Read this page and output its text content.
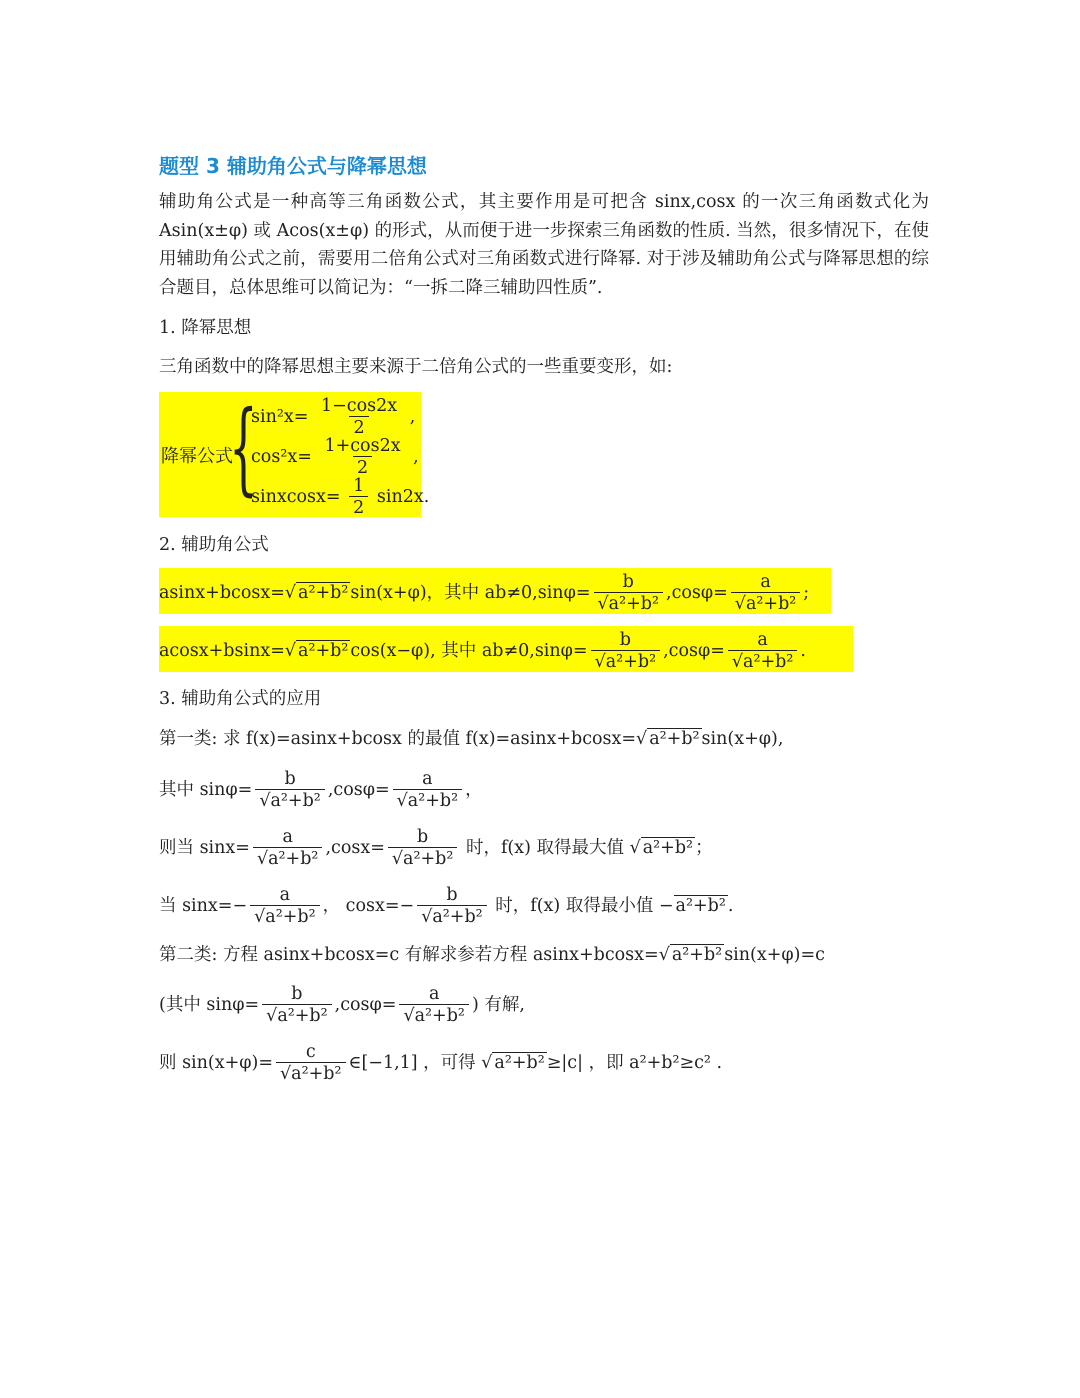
题型 3 辅助角公式与降幂思想
辅助角公式是一种高等三角函数公式，其主要作用是可把含 sinx,cosx 的一次三角函数式化为 Asin(x±φ) 或 Acos(x±φ) 的形式，从而便于进一步探索三角函数的性质. 当然，很多情况下，在使用辅助角公式之前，需要用二倍角公式对三角函数式进行降幂. 对于涉及辅助角公式与降幂思想的综合题目，总体思维可以简记为：“一拆二降三辅助四性质”.
1. 降幂思想
三角函数中的降幂思想主要来源于二倍角公式的一些重要变形，如:
降幂公式
{
$\sin^2x= \frac{1-\cos 2x}{2}$ ,
$\cos^2x= \frac{1+\cos 2x}{2}$ ,
sinxcosx= $\frac{1}{2} \sin 2x$.
2. 辅助角公式
asinx+bcosx=√ a²+b² sin(x+φ)，其中 $ab\ne 0,\sin\varphi= \frac{b}{\text{√a²+b²}} ,\cos\varphi= \frac{a}{\text{√a²+b²}}$ ;
acosx+bsinx=√ a²+b² cos(x−φ), 其中 $ab\ne 0,\sin\varphi= \frac{b}{\text{√a²+b²}} ,\cos\varphi= \frac{a}{\text{√a²+b²}}$ .
3. 辅助角公式的应用
第一类: 求 f(x)=asinx+bcosx 的最值 f(x)=asinx+bcosx=√ a²+b² sin(x+φ),
其中 $\sin\varphi= \frac{b}{\text{√a²+b²}} ,\cos\varphi= \frac{a}{\text{√a²+b²}}$ ，
则当 $\sin x= \frac{a}{\text{√a²+b²}} ,\cos x= \frac{b}{\text{√a²+b²}}$ 时，f(x) 取得最大值 √ a²+b² ；
当 $\sin x=- \frac{a}{\text{√a²+b²}}$ ， $\cos x=- \frac{b}{\text{√a²+b²}}$ 时，f(x) 取得最小值 − a²+b² .
第二类: 方程 asinx+bcosx=c 有解求参若方程 asinx+bcosx=√ a²+b² sin(x+φ)=c
(其中 $\sin\varphi= \frac{b}{\text{√a²+b²}} ,\cos\varphi= \frac{a}{\text{√a²+b²}}$ ) 有解,
则 $\sin(x+\varphi)= \frac{c}{\text{√a²+b²}}$ ∈[−1,1] ，可得 √ a²+b² ≥|c| ，即 a²+b²≥c² .
